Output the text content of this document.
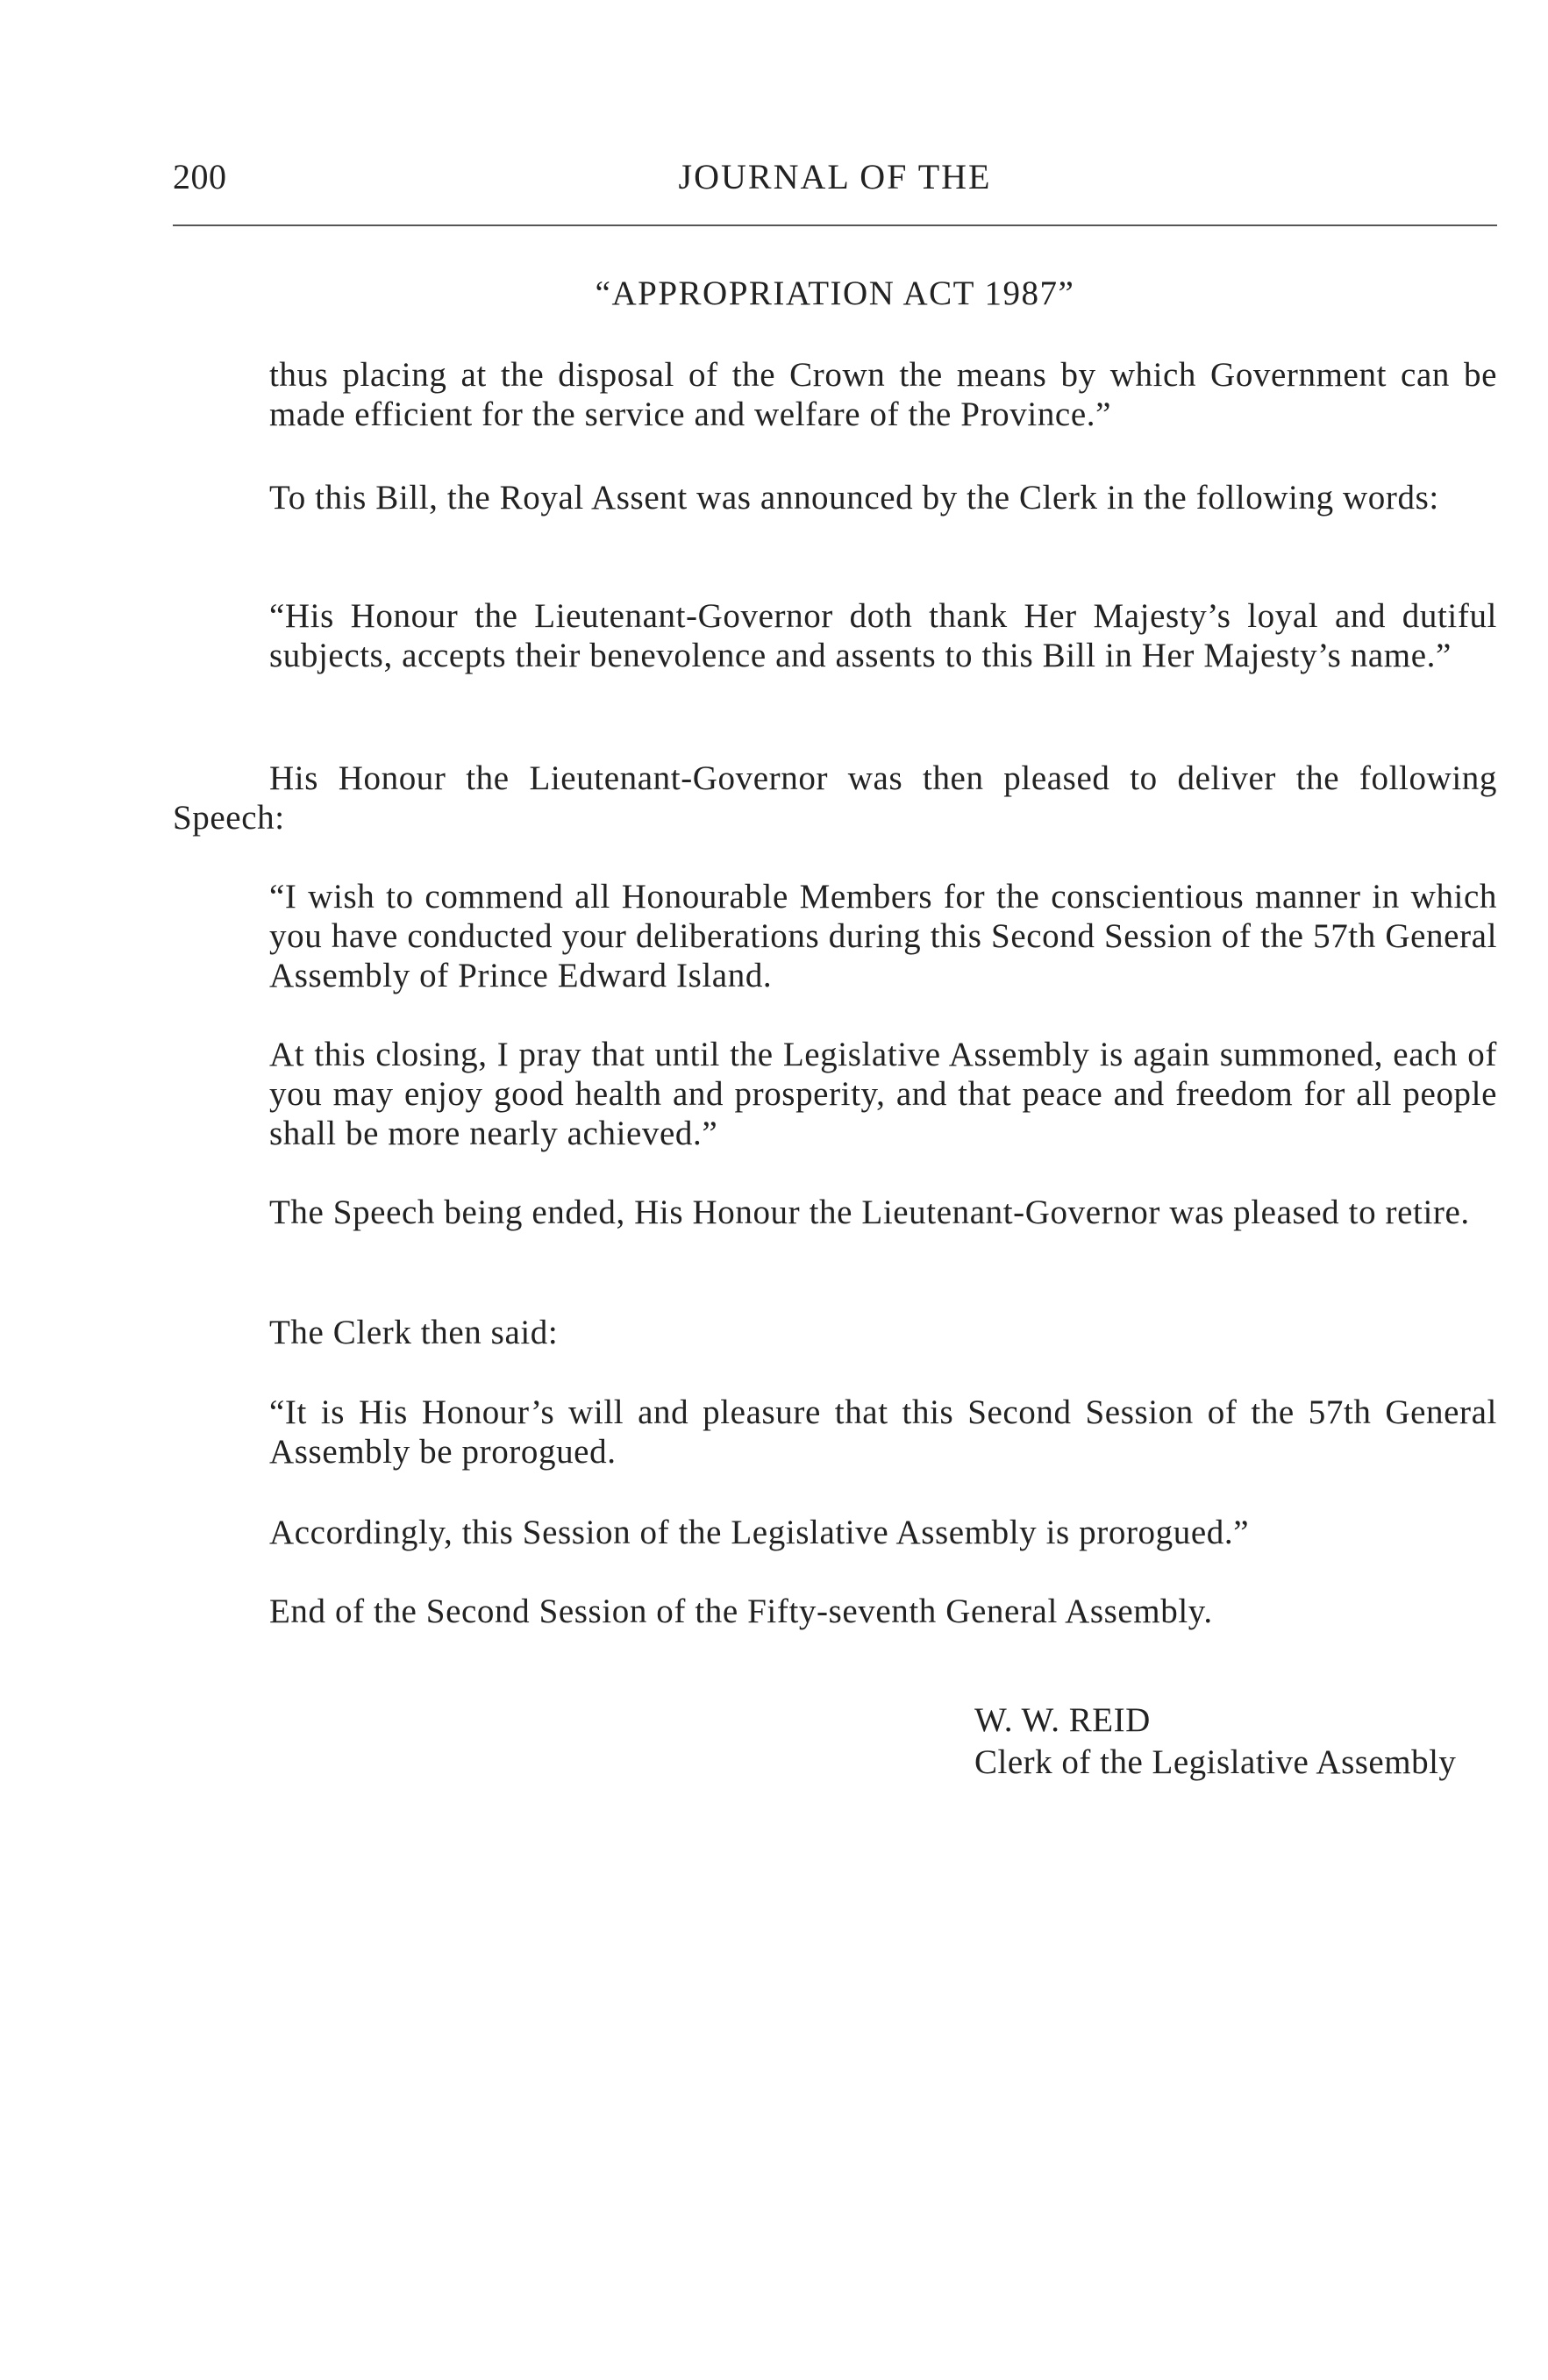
200	JOURNAL OF THE
“APPROPRIATION ACT 1987”

thus placing at the disposal of the Crown the means by which Government can be made efficient for the service and welfare of the Province.”

To this Bill, the Royal Assent was announced by the Clerk in the following words:

“His Honour the Lieutenant-Governor doth thank Her Majesty’s loyal and dutiful subjects, accepts their benevolence and assents to this Bill in Her Majesty’s name.”

His Honour the Lieutenant-Governor was then pleased to deliver the following Speech:

“I wish to commend all Honourable Members for the conscientious manner in which you have conducted your deliberations during this Second Session of the 57th General Assembly of Prince Edward Island.

At this closing, I pray that until the Legislative Assembly is again summoned, each of you may enjoy good health and prosperity, and that peace and freedom for all people shall be more nearly achieved.”

The Speech being ended, His Honour the Lieutenant-Governor was pleased to retire.

The Clerk then said:

“It is His Honour’s will and pleasure that this Second Session of the 57th General Assembly be prorogued.

Accordingly, this Session of the Legislative Assembly is prorogued.”

End of the Second Session of the Fifty-seventh General Assembly.

W. W. REID
Clerk of the Legislative Assembly
